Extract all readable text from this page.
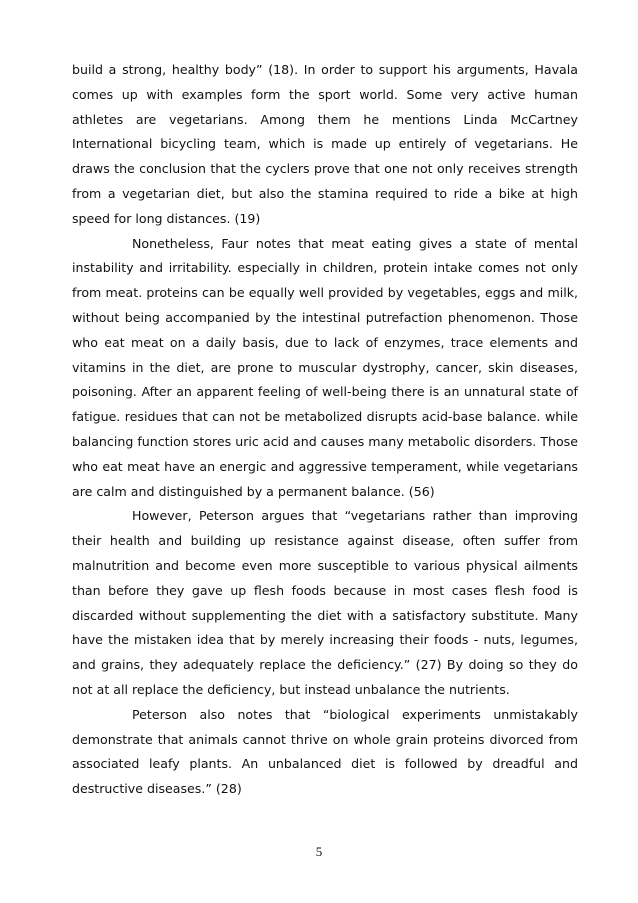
build a strong, healthy body” (18). In order to support his arguments, Havala comes up with examples form the sport world. Some very active human athletes are vegetarians. Among them he mentions Linda McCartney International bicycling team, which is made up entirely of vegetarians. He draws the conclusion that the cyclers prove that one not only receives strength from a vegetarian diet, but also the stamina required to ride a bike at high speed for long distances. (19)

Nonetheless, Faur notes that meat eating gives a state of mental instability and irritability. especially in children, protein intake comes not only from meat. proteins can be equally well provided by vegetables, eggs and milk, without being accompanied by the intestinal putrefaction phenomenon. Those who eat meat on a daily basis, due to lack of enzymes, trace elements and vitamins in the diet, are prone to muscular dystrophy, cancer, skin diseases, poisoning. After an apparent feeling of well-being there is an unnatural state of fatigue. residues that can not be metabolized disrupts acid-base balance. while balancing function stores uric acid and causes many metabolic disorders. Those who eat meat have an energic and aggressive temperament, while vegetarians are calm and distinguished by a permanent balance. (56)

However, Peterson argues that “vegetarians rather than improving their health and building up resistance against disease, often suffer from malnutrition and become even more susceptible to various physical ailments than before they gave up flesh foods because in most cases flesh food is discarded without supplementing the diet with a satisfactory substitute. Many have the mistaken idea that by merely increasing their foods - nuts, legumes, and grains, they adequately replace the deficiency.” (27) By doing so they do not at all replace the deficiency, but instead unbalance the nutrients.

Peterson also notes that “biological experiments unmistakably demonstrate that animals cannot thrive on whole grain proteins divorced from associated leafy plants. An unbalanced diet is followed by dreadful and destructive diseases.” (28)

5
